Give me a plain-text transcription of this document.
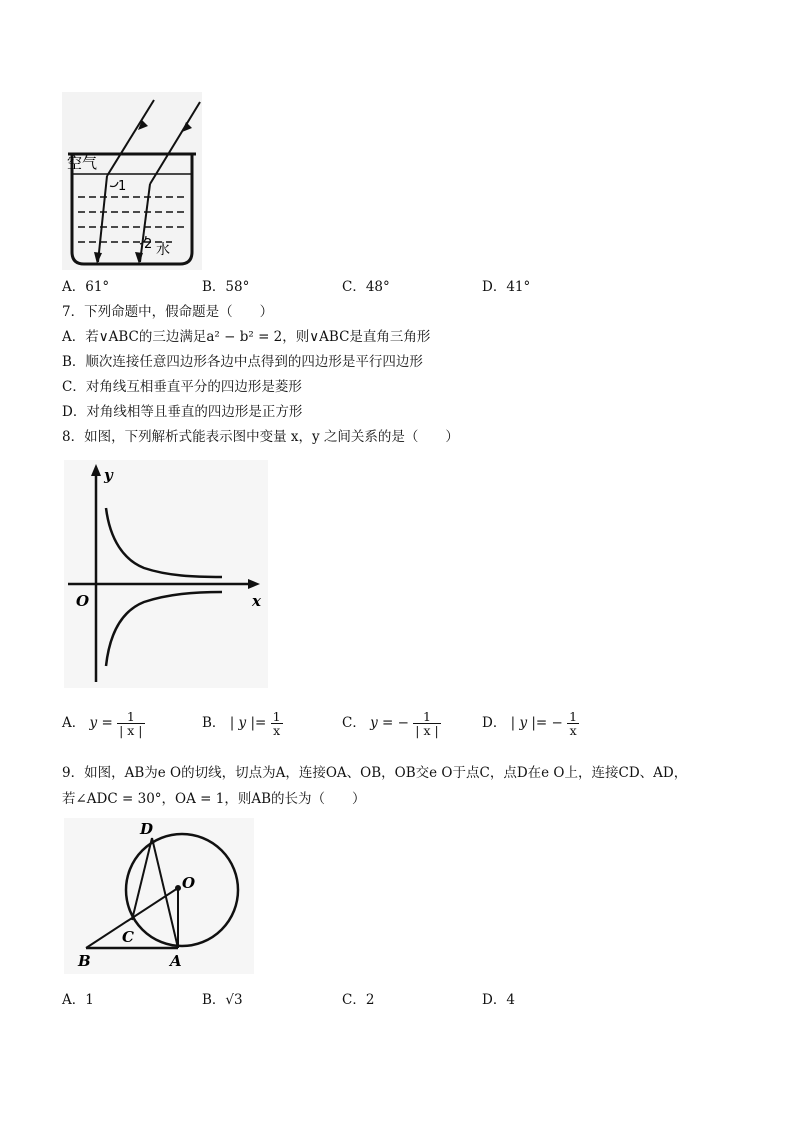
空气
1
2 水
A．61°	B．58°	C．48°	D．41°
7．下列命题中，假命题是（　　）
A．若∨ABC的三边满足a² − b² = 2，则∨ABC是直角三角形
B．顺次连接任意四边形各边中点得到的四边形是平行四边形
C．对角线互相垂直平分的四边形是菱形
D．对角线相等且垂直的四边形是正方形
8．如图，下列解析式能表示图中变量 x，y 之间关系的是（　　）
y
x
O
A． $y = \frac{1}{| x |}$	B． | y |= $\frac{1}{x}$	C． y = − $\frac{1}{| x |}$	D． | y |= − $\frac{1}{x}$
9．如图，AB为e O的切线，切点为A，连接OA、OB，OB交e O于点C，点D在e O上，连接CD、AD，
若∠ADC = 30°，OA = 1，则AB的长为（　　）
D
O
C
B	A
A．1	B．√3	C．2	D．4
